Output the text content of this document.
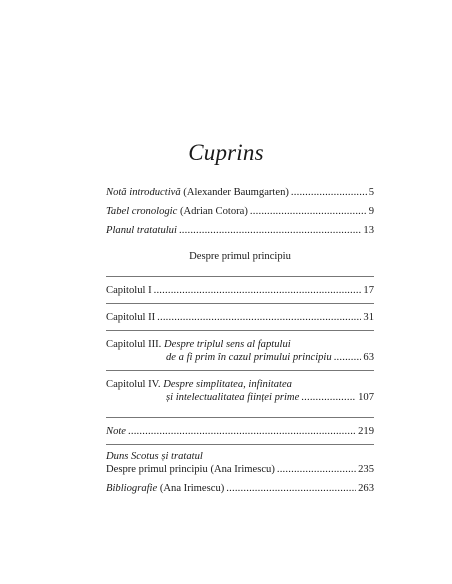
Cuprins
Notă introductivă (Alexander Baumgarten) .....	5
Tabel cronologic (Adrian Cotora) .....	9
Planul tratatului .....	13
Despre primul principiu
Capitolul I .....	17
Capitolul II .....	31
Capitolul III. Despre triplul sens al faptului
de a fi prim în cazul primului principiu .....	63
Capitolul IV. Despre simplitatea, infinitatea
și intelectualitatea ființei prime .....	107
Note .....	219
Duns Scotus și tratatul
Despre primul principiu (Ana Irimescu) .....	235
Bibliografie (Ana Irimescu) .....	263
